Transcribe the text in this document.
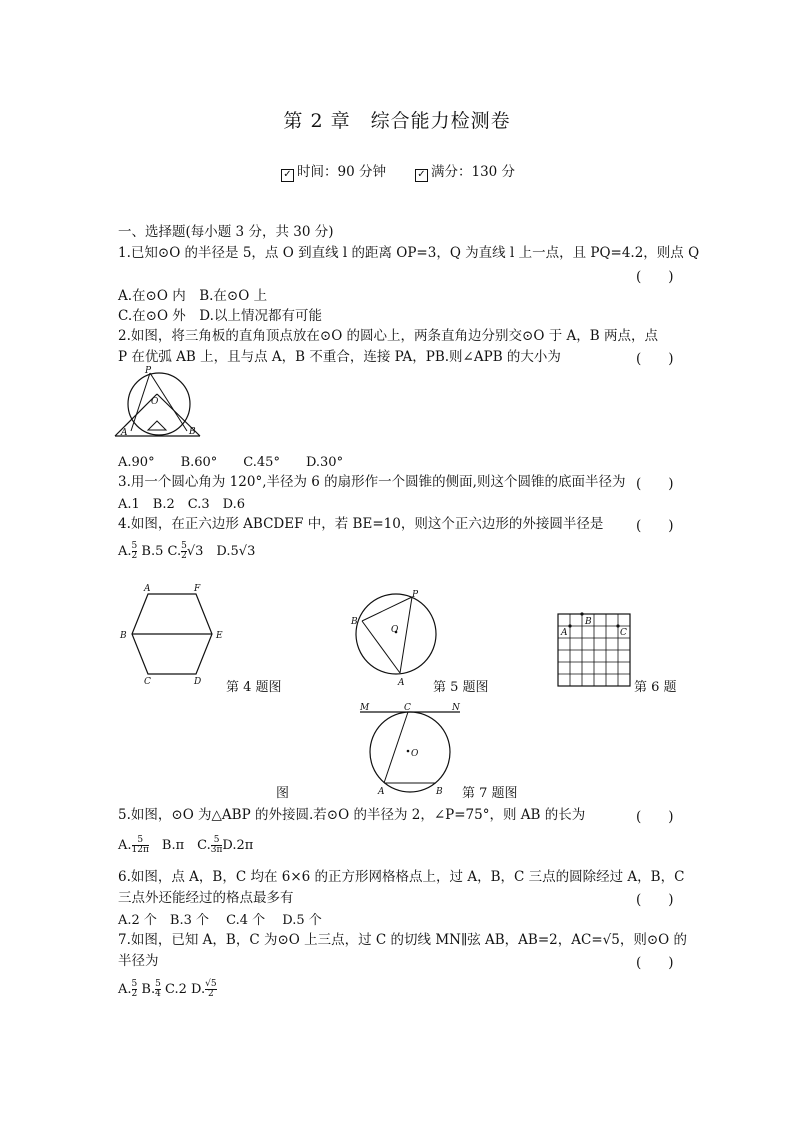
第 2 章　综合能力检测卷
✓ 时间：90 分钟	✓ 满分：130 分
一、选择题(每小题 3 分，共 30 分)
1.已知⊙O 的半径是 5，点 O 到直线 l 的距离 OP=3，Q 为直线 l 上一点，且 PQ=4.2，则点 Q
(　　)
A.在⊙O 内　B.在⊙O 上
C.在⊙O 外　D.以上情况都有可能
2.如图，将三角板的直角顶点放在⊙O 的圆心上，两条直角边分别交⊙O 于 A，B 两点，点
P 在优弧 AB 上，且与点 A，B 不重合，连接 PA，PB.则∠APB 的大小为	(　　)
P
O
A	B
A.90°　　B.60°　　C.45°　　D.30°
3.用一个圆心角为 120°,半径为 6 的扇形作一个圆锥的侧面,则这个圆锥的底面半径为 (　　)
A.1　B.2　C.3　D.6
4.如图，在正六边形 ABCDEF 中，若 BE=10，则这个正六边形的外接圆半径是 (　　)
A. $\frac{5}{2} B.5$ C. $\frac{5}{2} √3$　D.5√3
A	F
B	E
C	D 第 4 题图
P
B
O
A 第 5 题图
A
B
C
第 6 题
图
M	C	N
O
A	B 第 7 题图
5.如图，⊙O 为△ABP 的外接圆.若⊙O 的半径为 2，∠P=75°，则 AB 的长为	(　　)
A. $\frac{5}{12\pi}$ 　B.π　C. $\frac{5}{3\pi} D.2\pi$
6.如图，点 A，B，C 均在 6×6 的正方形网格格点上，过 A，B，C 三点的圆除经过 A，B，C
三点外还能经过的格点最多有	(　　)
A.2 个　B.3 个　 C.4 个　 D.5 个
7.如图，已知 A，B，C 为⊙O 上三点，过 C 的切线 MN∥弦 AB，AB=2，AC=√5，则⊙O 的
半径为	(　　)
A. $\frac{5}{2} B$. $\frac{5}{4} C.2$ D. $\frac{√5}{2}$
